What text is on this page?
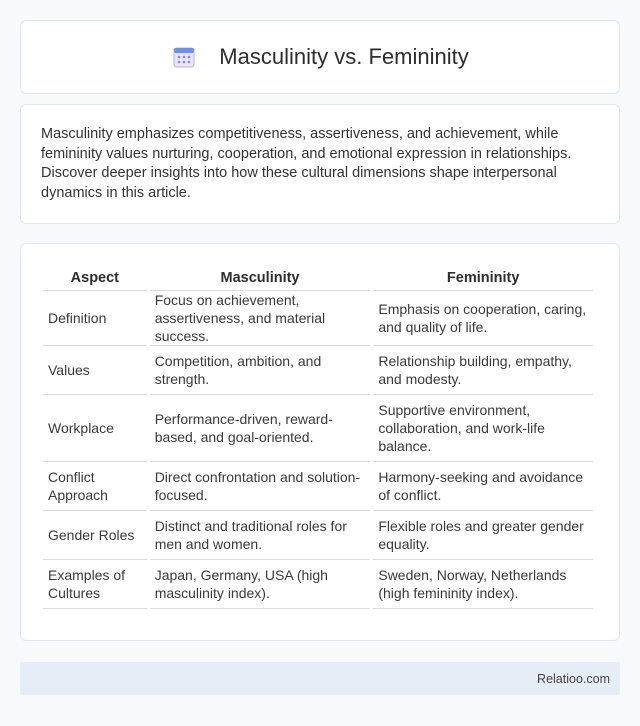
Masculinity vs. Femininity

Masculinity emphasizes competitiveness, assertiveness, and achievement, while femininity values nurturing, cooperation, and emotional expression in relationships. Discover deeper insights into how these cultural dimensions shape interpersonal dynamics in this article.

Aspect	Masculinity	Femininity
Definition	Focus on achievement, assertiveness, and material success.	Emphasis on cooperation, caring, and quality of life.
Values	Competition, ambition, and strength.	Relationship building, empathy, and modesty.
Workplace	Performance-driven, reward-based, and goal-oriented.	Supportive environment, collaboration, and work-life balance.
Conflict Approach	Direct confrontation and solution-focused.	Harmony-seeking and avoidance of conflict.
Gender Roles	Distinct and traditional roles for men and women.	Flexible roles and greater gender equality.
Examples of Cultures	Japan, Germany, USA (high masculinity index).	Sweden, Norway, Netherlands (high femininity index).
Relatioo.com
